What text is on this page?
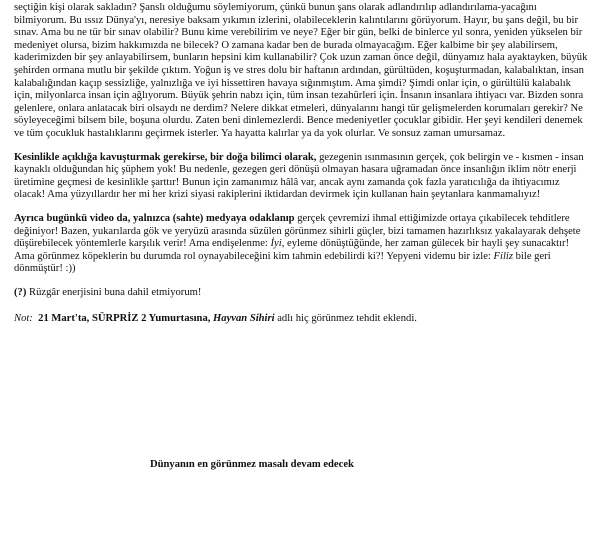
seçtiğin kişi olarak sakladın? Şanslı olduğumu söylemiyorum, çünkü bunun şans olarak adlandırılıp adlandırılama-yacağını bilmiyorum. Bu ıssız Dünya'yı, neresiye baksam yıkımın izlerini, olabileceklerin kalıntılarını görüyorum. Hayır, bu şans değil, bu bir sınav. Ama bu ne tür bir sınav olabilir? Bunu kime verebilirim ve neye? Eğer bir gün, belki de binlerce yıl sonra, yeniden yükselen bir medeniyet olursa, bizim hakkımızda ne bilecek? O zamana kadar ben de burada olmayacağım. Eğer kalbime bir şey alabilirsem, kaderimizden bir şey anlayabilirsem, bunların hepsini kim kullanabilir? Çok uzun zaman önce değil, dünyamız hala ayaktayken, büyük şehirden ormana mutlu bir şekilde çıktım. Yoğun iş ve stres dolu bir haftanın ardından, gürültüden, koşuşturmadan, kalabalıktan, insan kalabalığından kaçıp sessizliğe, yalnızlığa ve iyi hissettiren havaya sığınmıştım. Ama şimdi? Şimdi onlar için, o gürültülü kalabalık için, milyonlarca insan için ağlıyorum. Büyük şehrin nabzı için, tüm insan tezahürleri için. İnsanın insanlara ihtiyacı var. Bizden sonra gelenlere, onlara anlatacak biri olsaydı ne derdim? Nelere dikkat etmeleri, dünyalarını hangi tür gelişmelerden korumaları gerekir? Ne söyleyeceğimi bilsem bile, boşuna olurdu. Zaten beni dinlemezlerdi. Bence medeniyetler çocuklar gibidir. Her şeyi kendileri denemek ve tüm çocukluk hastalıklarını geçirmek isterler. Ya hayatta kalırlar ya da yok olurlar. Ve sonsuz zaman umursamaz.

Kesinlikle açıklığa kavuşturmak gerekirse, bir doğa bilimci olarak, gezegenin ısınmasının gerçek, çok belirgin ve - kısmen - insan kaynaklı olduğundan hiç şüphem yok! Bu nedenle, gezegen geri dönüşü olmayan hasara uğramadan önce insanlığın iklim nötr enerji üretimine geçmesi de kesinlikle şarttır! Bunun için zamanımız hâlâ var, ancak aynı zamanda çok fazla yaratıcılığa da ihtiyacımız olacak! Ama yüzyıllardır her mi her krizi siyasi rakiplerini iktidardan devirmek için kullanan hain şeytanlara kanmamalıyız!

Ayrıca bugünkü video da, yalnızca (sahte) medyaya odaklanıp gerçek çevremizi ihmal ettiğimizde ortaya çıkabilecek tehditlere değiniyor! Bazen, yukarılarda gök ve yeryüzü arasında süzülen görünmez sihirli güçler, bizi tamamen hazırlıksız yakalayarak dehşete düşürebilecek yöntemlerle karşılık verir! Ama endişelenme: İyi, eyleme dönüştüğünde, her zaman gülecek bir hayli şey sunacaktır! Ama görünmez köpeklerin bu durumda rol oynayabileceğini kim tahmin edebilirdi ki?! Yepyeni videmu bir izle: Filiz bile geri dönmüştür! :))

(?) Rüzgâr enerjisini buna dahil etmiyorum!

Not: 21 Mart'ta, SÜRPRİZ 2 Yumurtasına, Hayvan Sihiri adlı hiç görünmez tehdit eklendi.

Dünyanın en görünmez masalı devam edecek
